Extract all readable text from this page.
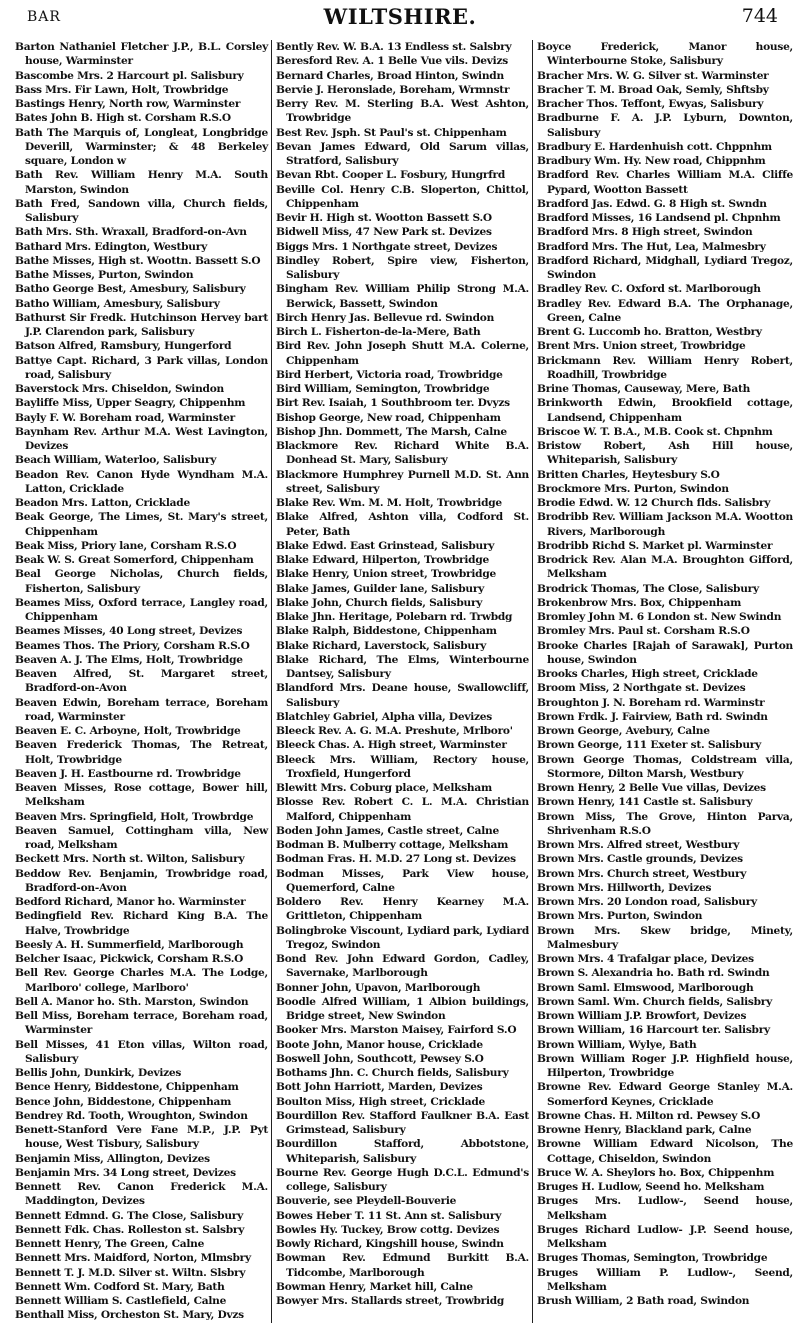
BAR	WILTSHIRE.	744
Barton Nathaniel Fletcher J.P., B.L. Corsley house, Warminster
Bascombe Mrs. 2 Harcourt pl. Salisbury
Bass Mrs. Fir Lawn, Holt, Trowbridge
Bastings Henry, North row, Warminster
Bates John B. High st. Corsham R.S.O
Bath The Marquis of, Longleat, Longbridge Deverill, Warminster; & 48 Berkeley square, London w
Bath Rev. William Henry M.A. South Marston, Swindon
Bath Fred, Sandown villa, Church fields, Salisbury
Bath Mrs. Sth. Wraxall, Bradford-on-Avn
Bathard Mrs. Edington, Westbury
Bathe Misses, High st. Woottn. Bassett S.O
Bathe Misses, Purton, Swindon
Batho George Best, Amesbury, Salisbury
Batho William, Amesbury, Salisbury
Bathurst Sir Fredk. Hutchinson Hervey bart J.P. Clarendon park, Salisbury
Batson Alfred, Ramsbury, Hungerford
Battye Capt. Richard, 3 Park villas, London road, Salisbury
Baverstock Mrs. Chiseldon, Swindon
Bayliffe Miss, Upper Seagry, Chippenhm
Bayly F. W. Boreham road, Warminster
Baynham Rev. Arthur M.A. West Lavington, Devizes
Beach William, Waterloo, Salisbury
Beadon Rev. Canon Hyde Wyndham M.A. Latton, Cricklade
Beadon Mrs. Latton, Cricklade
Beak George, The Limes, St. Mary's street, Chippenham
Beak Miss, Priory lane, Corsham R.S.O
Beak W. S. Great Somerford, Chippenham
Beal George Nicholas, Church fields, Fisherton, Salisbury
Beames Miss, Oxford terrace, Langley road, Chippenham
Beames Misses, 40 Long street, Devizes
Beames Thos. The Priory, Corsham R.S.O
Beaven A. J. The Elms, Holt, Trowbridge
Beaven Alfred, St. Margaret street, Bradford-on-Avon
Beaven Edwin, Boreham terrace, Boreham road, Warminster
Beaven E. C. Arboyne, Holt, Trowbridge
Beaven Frederick Thomas, The Retreat, Holt, Trowbridge
Beaven J. H. Eastbourne rd. Trowbridge
Beaven Misses, Rose cottage, Bower hill, Melksham
Beaven Mrs. Springfield, Holt, Trowbrdge
Beaven Samuel, Cottingham villa, New road, Melksham
Beckett Mrs. North st. Wilton, Salisbury
Beddow Rev. Benjamin, Trowbridge road, Bradford-on-Avon
Bedford Richard, Manor ho. Warminster
Bedingfield Rev. Richard King B.A. The Halve, Trowbridge
Beesly A. H. Summerfield, Marlborough
Belcher Isaac, Pickwick, Corsham R.S.O
Bell Rev. George Charles M.A. The Lodge, Marlboro' college, Marlboro'
Bell A. Manor ho. Sth. Marston, Swindon
Bell Miss, Boreham terrace, Boreham road, Warminster
Bell Misses, 41 Eton villas, Wilton road, Salisbury
Bellis John, Dunkirk, Devizes
Bence Henry, Biddestone, Chippenham
Bence John, Biddestone, Chippenham
Bendrey Rd. Tooth, Wroughton, Swindon
Benett-Stanford Vere Fane M.P., J.P. Pyt house, West Tisbury, Salisbury
Benjamin Miss, Allington, Devizes
Benjamin Mrs. 34 Long street, Devizes
Bennett Rev. Canon Frederick M.A. Maddington, Devizes
Bennett Edmnd. G. The Close, Salisbury
Bennett Fdk. Chas. Rolleston st. Salsbry
Bennett Henry, The Green, Calne
Bennett Mrs. Maidford, Norton, Mlmsbry
Bennett T. J. M.D. Silver st. Wiltn. Slsbry
Bennett Wm. Codford St. Mary, Bath
Bennett William S. Castlefield, Calne
Benthall Miss, Orcheston St. Mary, Dvzs
Bently Rev. W. B.A. 13 Endless st. Salsbry
Beresford Rev. A. 1 Belle Vue vils. Devizs
Bernard Charles, Broad Hinton, Swindn
Bervie J. Heronslade, Boreham, Wrmnstr
Berry Rev. M. Sterling B.A. West Ashton, Trowbridge
Best Rev. Jsph. St Paul's st. Chippenham
Bevan James Edward, Old Sarum villas, Stratford, Salisbury
Bevan Rbt. Cooper L. Fosbury, Hungrfrd
Beville Col. Henry C.B. Sloperton, Chittol, Chippenham
Bevir H. High st. Wootton Bassett S.O
Bidwell Miss, 47 New Park st. Devizes
Biggs Mrs. 1 Northgate street, Devizes
Bindley Robert, Spire view, Fisherton, Salisbury
Bingham Rev. William Philip Strong M.A. Berwick, Bassett, Swindon
Birch Henry Jas. Bellevue rd. Swindon
Birch L. Fisherton-de-la-Mere, Bath
Bird Rev. John Joseph Shutt M.A. Colerne, Chippenham
Bird Herbert, Victoria road, Trowbridge
Bird William, Semington, Trowbridge
Birt Rev. Isaiah, 1 Southbroom ter. Dvyzs
Bishop George, New road, Chippenham
Bishop Jhn. Dommett, The Marsh, Calne
Blackmore Rev. Richard White B.A. Donhead St. Mary, Salisbury
Blackmore Humphrey Purnell M.D. St. Ann street, Salisbury
Blake Rev. Wm. M. M. Holt, Trowbridge
Blake Alfred, Ashton villa, Codford St. Peter, Bath
Blake Edwd. East Grinstead, Salisbury
Blake Edward, Hilperton, Trowbridge
Blake Henry, Union street, Trowbridge
Blake James, Guilder lane, Salisbury
Blake John, Church fields, Salisbury
Blake Jhn. Heritage, Polebarn rd. Trwbdg
Blake Ralph, Biddestone, Chippenham
Blake Richard, Laverstock, Salisbury
Blake Richard, The Elms, Winterbourne Dantsey, Salisbury
Blandford Mrs. Deane house, Swallowcliff, Salisbury
Blatchley Gabriel, Alpha villa, Devizes
Bleeck Rev. A. G. M.A. Preshute, Mrlboro'
Bleeck Chas. A. High street, Warminster
Bleeck Mrs. William, Rectory house, Troxfield, Hungerford
Blewitt Mrs. Coburg place, Melksham
Blosse Rev. Robert C. L. M.A. Christian Malford, Chippenham
Boden John James, Castle street, Calne
Bodman B. Mulberry cottage, Melksham
Bodman Fras. H. M.D. 27 Long st. Devizes
Bodman Misses, Park View house, Quemerford, Calne
Boldero Rev. Henry Kearney M.A. Grittleton, Chippenham
Bolingbroke Viscount, Lydiard park, Lydiard Tregoz, Swindon
Bond Rev. John Edward Gordon, Cadley, Savernake, Marlborough
Bonner John, Upavon, Marlborough
Boodle Alfred William, 1 Albion buildings, Bridge street, New Swindon
Booker Mrs. Marston Maisey, Fairford S.O
Boote John, Manor house, Cricklade
Boswell John, Southcott, Pewsey S.O
Bothams Jhn. C. Church fields, Salisbury
Bott John Harriott, Marden, Devizes
Boulton Miss, High street, Cricklade
Bourdillon Rev. Stafford Faulkner B.A. East Grimstead, Salisbury
Bourdillon Stafford, Abbotstone, Whiteparish, Salisbury
Bourne Rev. George Hugh D.C.L. Edmund's college, Salisbury
Bouverie, see Pleydell-Bouverie
Bowes Heber T. 11 St. Ann st. Salisbury
Bowles Hy. Tuckey, Brow cottg. Devizes
Bowly Richard, Kingshill house, Swindn
Bowman Rev. Edmund Burkitt B.A. Tidcombe, Marlborough
Bowman Henry, Market hill, Calne
Bowyer Mrs. Stallards street, Trowbridg
Boyce Frederick, Manor house, Winterbourne Stoke, Salisbury
Bracher Mrs. W. G. Silver st. Warminster
Bracher T. M. Broad Oak, Semly, Shftsby
Bracher Thos. Teffont, Ewyas, Salisbury
Bradburne F. A. J.P. Lyburn, Downton, Salisbury
Bradbury E. Hardenhuish cott. Chppnhm
Bradbury Wm. Hy. New road, Chippnhm
Bradford Rev. Charles William M.A. Cliffe Pypard, Wootton Bassett
Bradford Jas. Edwd. G. 8 High st. Swndn
Bradford Misses, 16 Landsend pl. Chpnhm
Bradford Mrs. 8 High street, Swindon
Bradford Mrs. The Hut, Lea, Malmesbry
Bradford Richard, Midghall, Lydiard Tregoz, Swindon
Bradley Rev. C. Oxford st. Marlborough
Bradley Rev. Edward B.A. The Orphanage, Green, Calne
Brent G. Luccomb ho. Bratton, Westbry
Brent Mrs. Union street, Trowbridge
Brickmann Rev. William Henry Robert, Roadhill, Trowbridge
Brine Thomas, Causeway, Mere, Bath
Brinkworth Edwin, Brookfield cottage, Landsend, Chippenham
Briscoe W. T. B.A., M.B. Cook st. Chpnhm
Bristow Robert, Ash Hill house, Whiteparish, Salisbury
Britten Charles, Heytesbury S.O
Brockmore Mrs. Purton, Swindon
Brodie Edwd. W. 12 Church flds. Salisbry
Brodribb Rev. William Jackson M.A. Wootton Rivers, Marlborough
Brodribb Richd S. Market pl. Warminster
Brodrick Rev. Alan M.A. Broughton Gifford, Melksham
Brodrick Thomas, The Close, Salisbury
Brokenbrow Mrs. Box, Chippenham
Bromley John M. 6 London st. New Swindn
Bromley Mrs. Paul st. Corsham R.S.O
Brooke Charles [Rajah of Sarawak], Purton house, Swindon
Brooks Charles, High street, Cricklade
Broom Miss, 2 Northgate st. Devizes
Broughton J. N. Boreham rd. Warminstr
Brown Frdk. J. Fairview, Bath rd. Swindn
Brown George, Avebury, Calne
Brown George, 111 Exeter st. Salisbury
Brown George Thomas, Coldstream villa, Stormore, Dilton Marsh, Westbury
Brown Henry, 2 Belle Vue villas, Devizes
Brown Henry, 141 Castle st. Salisbury
Brown Miss, The Grove, Hinton Parva, Shrivenham R.S.O
Brown Mrs. Alfred street, Westbury
Brown Mrs. Castle grounds, Devizes
Brown Mrs. Church street, Westbury
Brown Mrs. Hillworth, Devizes
Brown Mrs. 20 London road, Salisbury
Brown Mrs. Purton, Swindon
Brown Mrs. Skew bridge, Minety, Malmesbury
Brown Mrs. 4 Trafalgar place, Devizes
Brown S. Alexandria ho. Bath rd. Swindn
Brown Saml. Elmswood, Marlborough
Brown Saml. Wm. Church fields, Salisbry
Brown William J.P. Browfort, Devizes
Brown William, 16 Harcourt ter. Salisbry
Brown William, Wylye, Bath
Brown William Roger J.P. Highfield house, Hilperton, Trowbridge
Browne Rev. Edward George Stanley M.A. Somerford Keynes, Cricklade
Browne Chas. H. Milton rd. Pewsey S.O
Browne Henry, Blackland park, Calne
Browne William Edward Nicolson, The Cottage, Chiseldon, Swindon
Bruce W. A. Sheylors ho. Box, Chippenhm
Bruges H. Ludlow, Seend ho. Melksham
Bruges Mrs. Ludlow-, Seend house, Melksham
Bruges Richard Ludlow- J.P. Seend house, Melksham
Bruges Thomas, Semington, Trowbridge
Bruges William P. Ludlow-, Seend, Melksham
Brush William, 2 Bath road, Swindon
